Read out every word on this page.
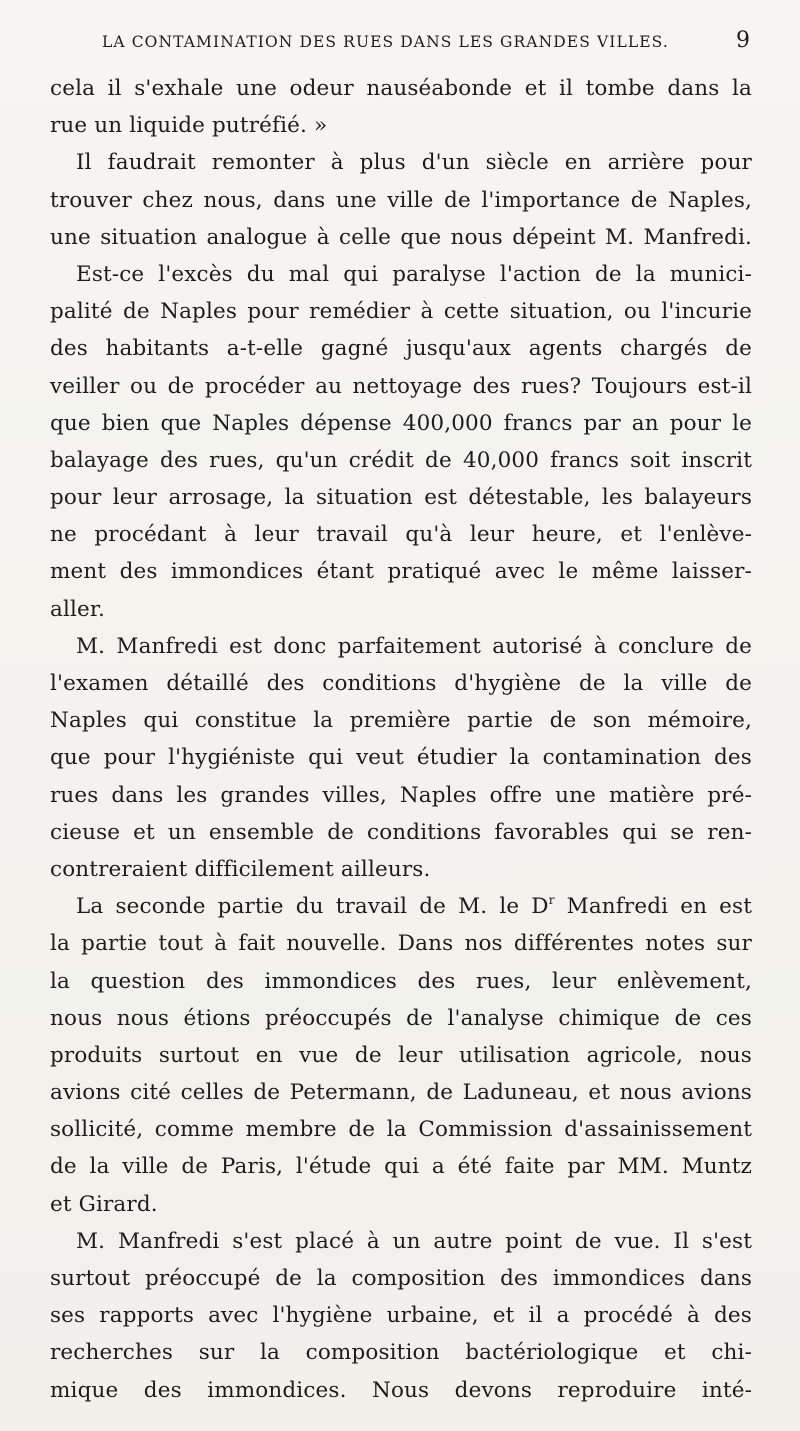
LA CONTAMINATION DES RUES DANS LES GRANDES VILLES.	9
cela il s'exhale une odeur nauséabonde et il tombe dans la
rue un liquide putréfié. »
Il faudrait remonter à plus d'un siècle en arrière pour
trouver chez nous, dans une ville de l'importance de Naples,
une situation analogue à celle que nous dépeint M. Manfredi.
Est-ce l'excès du mal qui paralyse l'action de la munici-
palité de Naples pour remédier à cette situation, ou l'incurie
des habitants a-t-elle gagné jusqu'aux agents chargés de
veiller ou de procéder au nettoyage des rues? Toujours est-il
que bien que Naples dépense 400,000 francs par an pour le
balayage des rues, qu'un crédit de 40,000 francs soit inscrit
pour leur arrosage, la situation est détestable, les balayeurs
ne procédant à leur travail qu'à leur heure, et l'enlève-
ment des immondices étant pratiqué avec le même laisser-
aller.
M. Manfredi est donc parfaitement autorisé à conclure de
l'examen détaillé des conditions d'hygiène de la ville de
Naples qui constitue la première partie de son mémoire,
que pour l'hygiéniste qui veut étudier la contamination des
rues dans les grandes villes, Naples offre une matière pré-
cieuse et un ensemble de conditions favorables qui se ren-
contreraient difficilement ailleurs.
La seconde partie du travail de M. le $D^r$ Manfredi en est
la partie tout à fait nouvelle. Dans nos différentes notes sur
la question des immondices des rues, leur enlèvement,
nous nous étions préoccupés de l'analyse chimique de ces
produits surtout en vue de leur utilisation agricole, nous
avions cité celles de Petermann, de Laduneau, et nous avions
sollicité, comme membre de la Commission d'assainissement
de la ville de Paris, l'étude qui a été faite par MM. Muntz
et Girard.
M. Manfredi s'est placé à un autre point de vue. Il s'est
surtout préoccupé de la composition des immondices dans
ses rapports avec l'hygiène urbaine, et il a procédé à des
recherches sur la composition bactériologique et chi-
mique des immondices. Nous devons reproduire inté-
